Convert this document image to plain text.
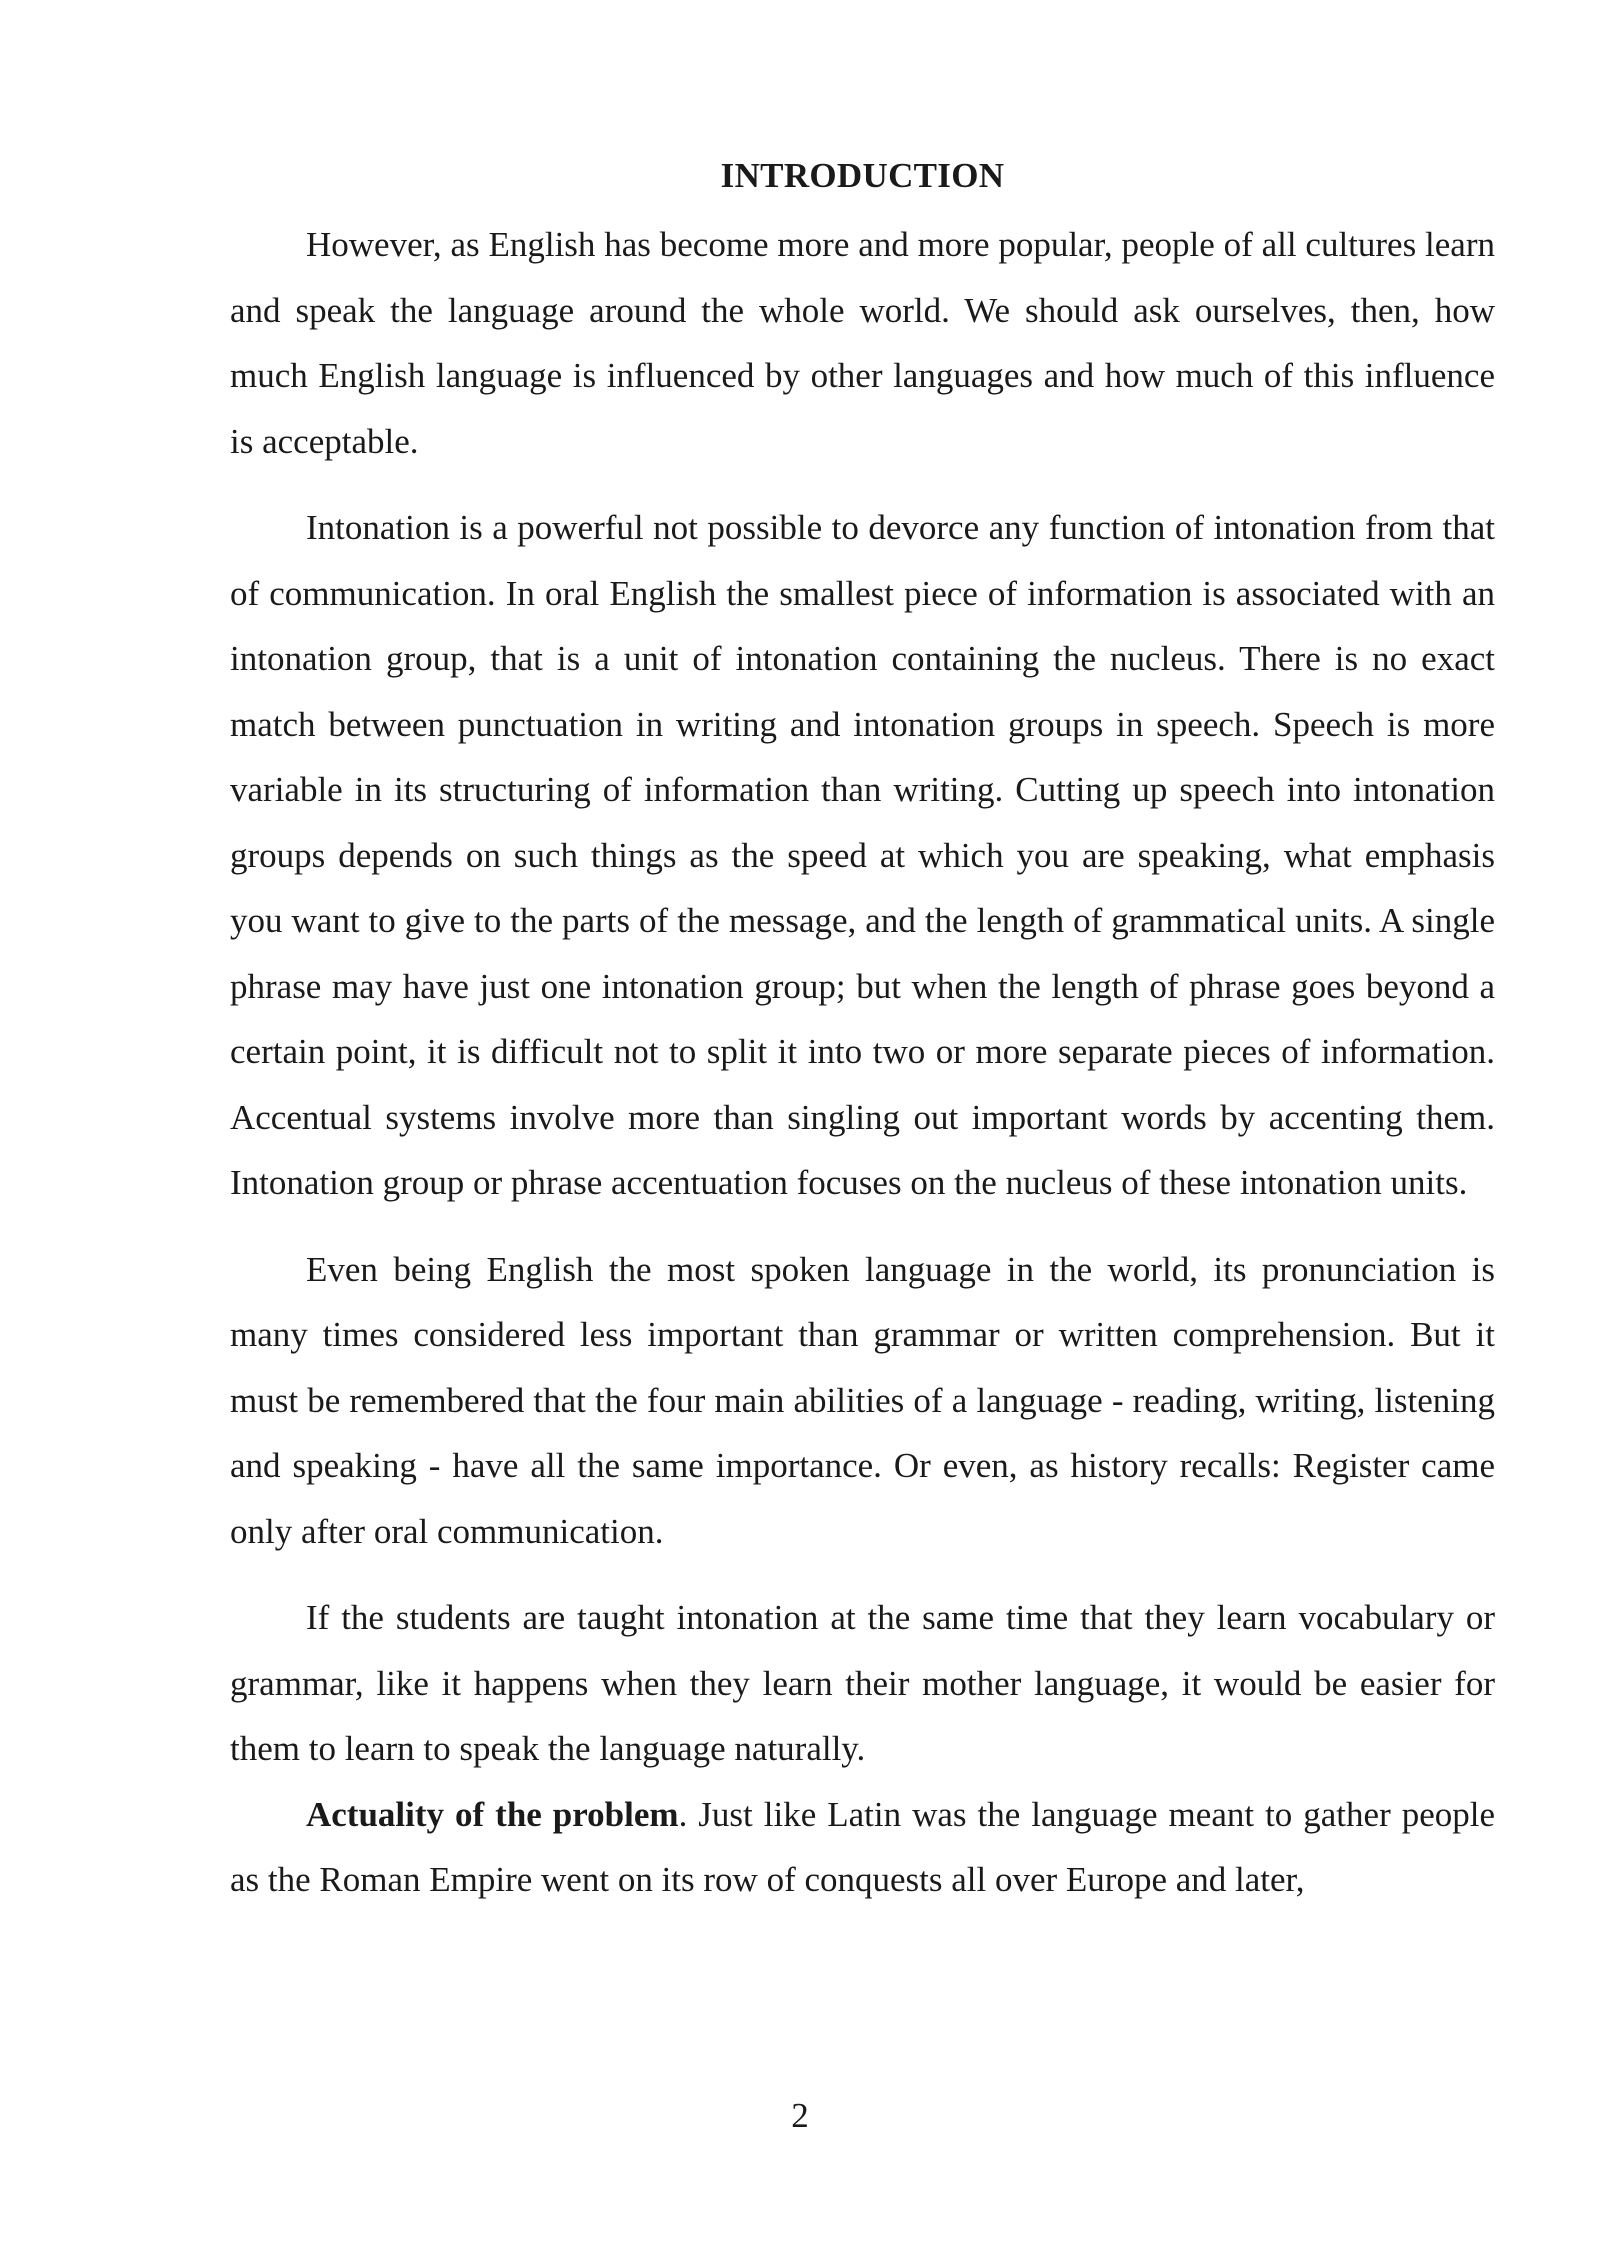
INTRODUCTION

However, as English has become more and more popular, people of all cultures learn and speak the language around the whole world. We should ask ourselves, then, how much English language is influenced by other languages and how much of this influence is acceptable.

Intonation is a powerful not possible to devorce any function of intonation from that of communication. In oral English the smallest piece of information is associated with an intonation group, that is a unit of intonation containing the nucleus. There is no exact match between punctuation in writing and intonation groups in speech. Speech is more variable in its structuring of information than writing. Cutting up speech into intonation groups depends on such things as the speed at which you are speaking, what emphasis you want to give to the parts of the message, and the length of grammatical units. A single phrase may have just one intonation group; but when the length of phrase goes beyond a certain point, it is difficult not to split it into two or more separate pieces of information. Accentual systems involve more than singling out important words by accenting them. Intonation group or phrase accentuation focuses on the nucleus of these intonation units.

Even being English the most spoken language in the world, its pronunciation is many times considered less important than grammar or written comprehension. But it must be remembered that the four main abilities of a language - reading, writing, listening and speaking - have all the same importance. Or even, as history recalls: Register came only after oral communication.

If the students are taught intonation at the same time that they learn vocabulary or grammar, like it happens when they learn their mother language, it would be easier for them to learn to speak the language naturally.

Actuality of the problem. Just like Latin was the language meant to gather people as the Roman Empire went on its row of conquests all over Europe and later,

2
